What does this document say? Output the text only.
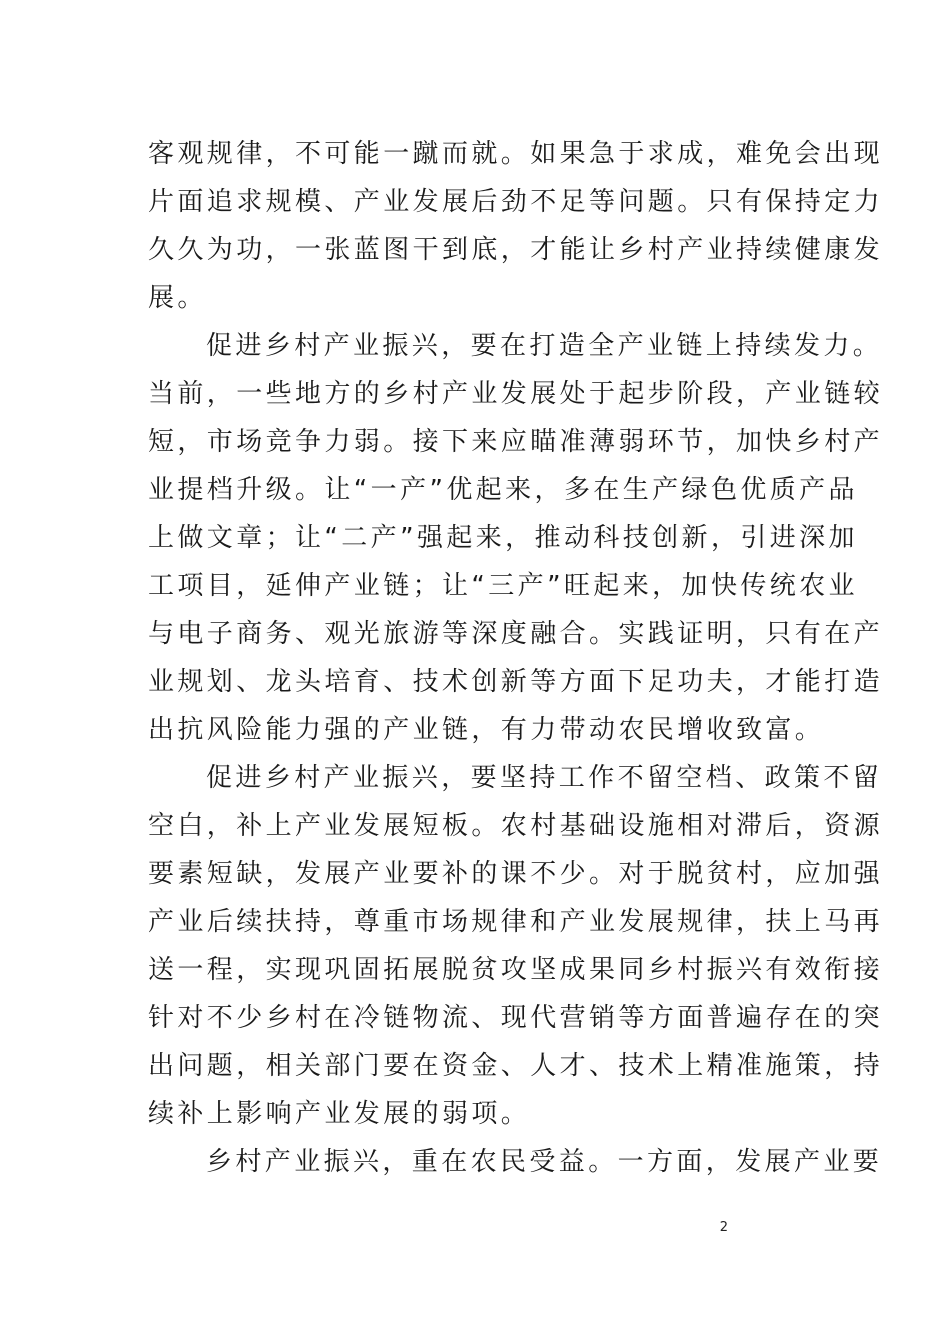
客观规律，不可能一蹴而就。如果急于求成，难免会出现
片面追求规模、产业发展后劲不足等问题。只有保持定力
久久为功，一张蓝图干到底，才能让乡村产业持续健康发
展。
促进乡村产业振兴，要在打造全产业链上持续发力。
当前，一些地方的乡村产业发展处于起步阶段，产业链较
短，市场竞争力弱。接下来应瞄准薄弱环节，加快乡村产
业提档升级。让“一产”优起来，多在生产绿色优质产品
上做文章；让“二产”强起来，推动科技创新，引进深加
工项目，延伸产业链；让“三产”旺起来，加快传统农业
与电子商务、观光旅游等深度融合。实践证明，只有在产
业规划、龙头培育、技术创新等方面下足功夫，才能打造
出抗风险能力强的产业链，有力带动农民增收致富。
促进乡村产业振兴，要坚持工作不留空档、政策不留
空白，补上产业发展短板。农村基础设施相对滞后，资源
要素短缺，发展产业要补的课不少。对于脱贫村，应加强
产业后续扶持，尊重市场规律和产业发展规律，扶上马再
送一程，实现巩固拓展脱贫攻坚成果同乡村振兴有效衔接
针对不少乡村在冷链物流、现代营销等方面普遍存在的突
出问题，相关部门要在资金、人才、技术上精准施策，持
续补上影响产业发展的弱项。
乡村产业振兴，重在农民受益。一方面，发展产业要
2
